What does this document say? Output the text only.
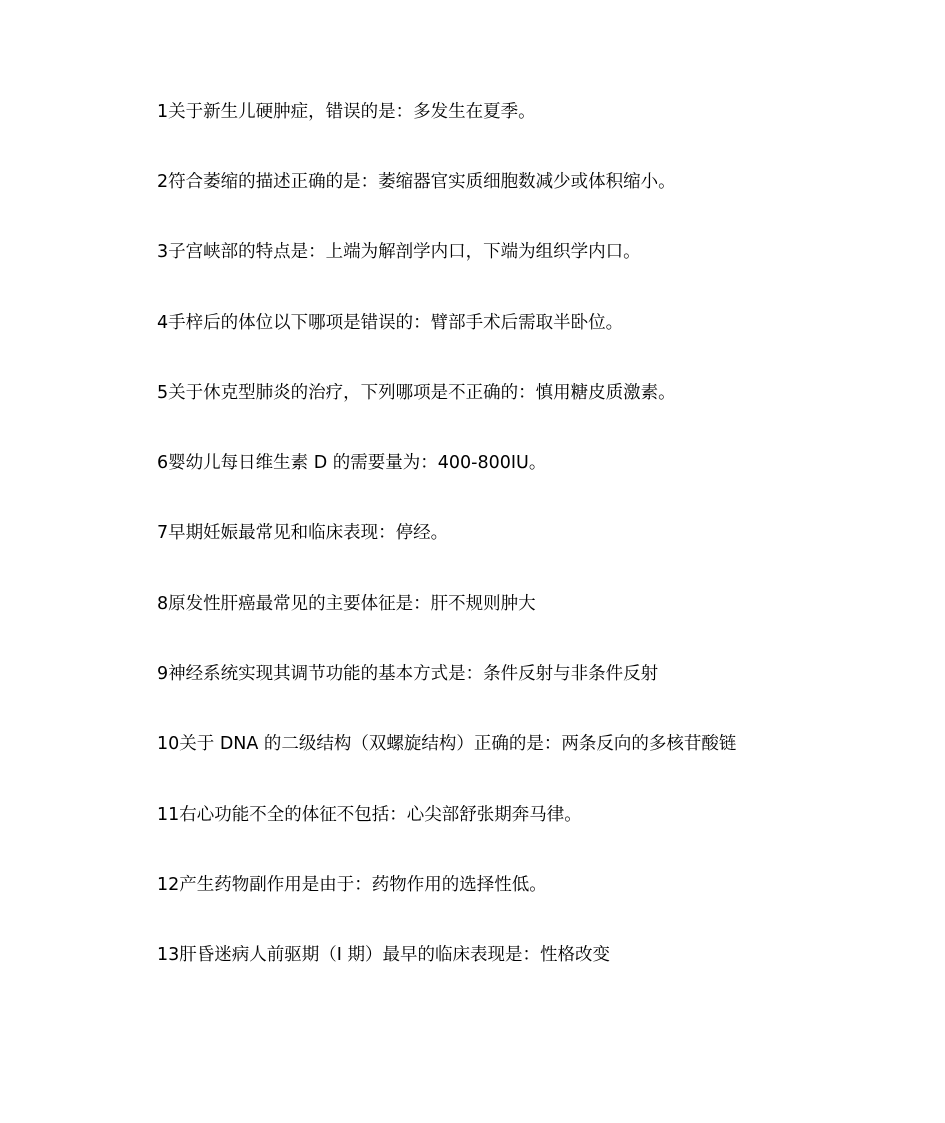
1关于新生儿硬肿症，错误的是：多发生在夏季。
2符合萎缩的描述正确的是：萎缩器官实质细胞数减少或体积缩小。
3子宫峡部的特点是：上端为解剖学内口，下端为组织学内口。
4手梓后的体位以下哪项是错误的：臂部手术后需取半卧位。
5关于休克型肺炎的治疗，下列哪项是不正确的：慎用糖皮质激素。
6婴幼儿每日维生素 D 的需要量为：400-800IU。
7早期妊娠最常见和临床表现：停经。
8原发性肝癌最常见的主要体征是：肝不规则肿大
9神经系统实现其调节功能的基本方式是：条件反射与非条件反射
10关于 DNA 的二级结构（双螺旋结构）正确的是：两条反向的多核苷酸链
11右心功能不全的体征不包括：心尖部舒张期奔马律。
12产生药物副作用是由于：药物作用的选择性低。
13肝昏迷病人前驱期（I 期）最早的临床表现是：性格改变
